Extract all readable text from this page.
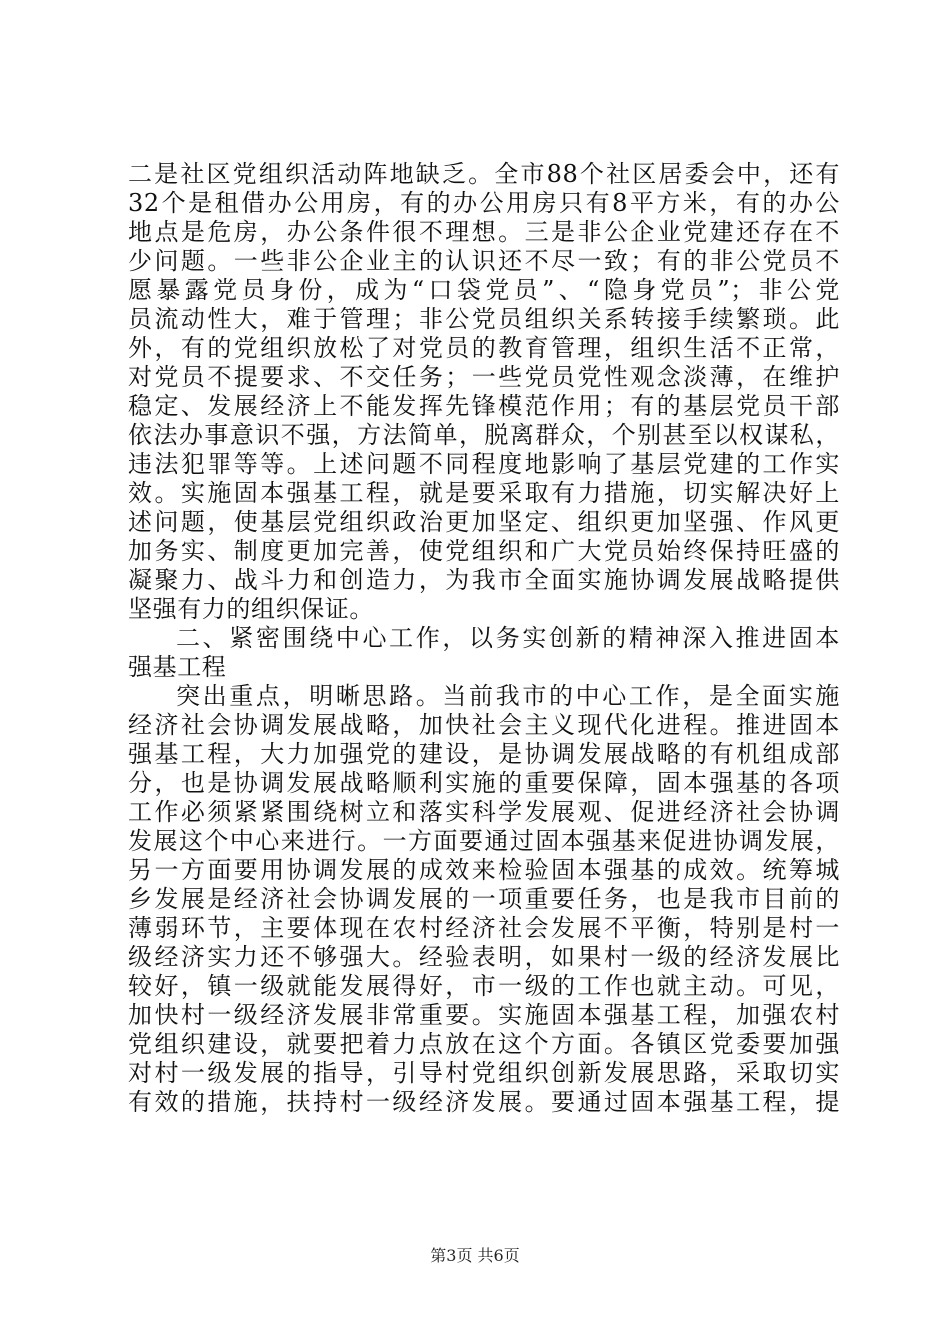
二是社区党组织活动阵地缺乏。全市88个社区居委会中，还有
32个是租借办公用房，有的办公用房只有8平方米，有的办公
地点是危房，办公条件很不理想。三是非公企业党建还存在不
少问题。一些非公企业主的认识还不尽一致；有的非公党员不
愿暴露党员身份，成为“口袋党员”、“隐身党员”；非公党
员流动性大，难于管理；非公党员组织关系转接手续繁琐。此
外，有的党组织放松了对党员的教育管理，组织生活不正常，
对党员不提要求、不交任务；一些党员党性观念淡薄，在维护
稳定、发展经济上不能发挥先锋模范作用；有的基层党员干部
依法办事意识不强，方法简单，脱离群众，个别甚至以权谋私，
违法犯罪等等。上述问题不同程度地影响了基层党建的工作实
效。实施固本强基工程，就是要采取有力措施，切实解决好上
述问题，使基层党组织政治更加坚定、组织更加坚强、作风更
加务实、制度更加完善，使党组织和广大党员始终保持旺盛的
凝聚力、战斗力和创造力，为我市全面实施协调发展战略提供
坚强有力的组织保证。
二、紧密围绕中心工作，以务实创新的精神深入推进固本
强基工程
突出重点，明晰思路。当前我市的中心工作，是全面实施
经济社会协调发展战略，加快社会主义现代化进程。推进固本
强基工程，大力加强党的建设，是协调发展战略的有机组成部
分，也是协调发展战略顺利实施的重要保障，固本强基的各项
工作必须紧紧围绕树立和落实科学发展观、促进经济社会协调
发展这个中心来进行。一方面要通过固本强基来促进协调发展，
另一方面要用协调发展的成效来检验固本强基的成效。统筹城
乡发展是经济社会协调发展的一项重要任务，也是我市目前的
薄弱环节，主要体现在农村经济社会发展不平衡，特别是村一
级经济实力还不够强大。经验表明，如果村一级的经济发展比
较好，镇一级就能发展得好，市一级的工作也就主动。可见，
加快村一级经济发展非常重要。实施固本强基工程，加强农村
党组织建设，就要把着力点放在这个方面。各镇区党委要加强
对村一级发展的指导，引导村党组织创新发展思路，采取切实
有效的措施，扶持村一级经济发展。要通过固本强基工程，提
第3页 共6页
